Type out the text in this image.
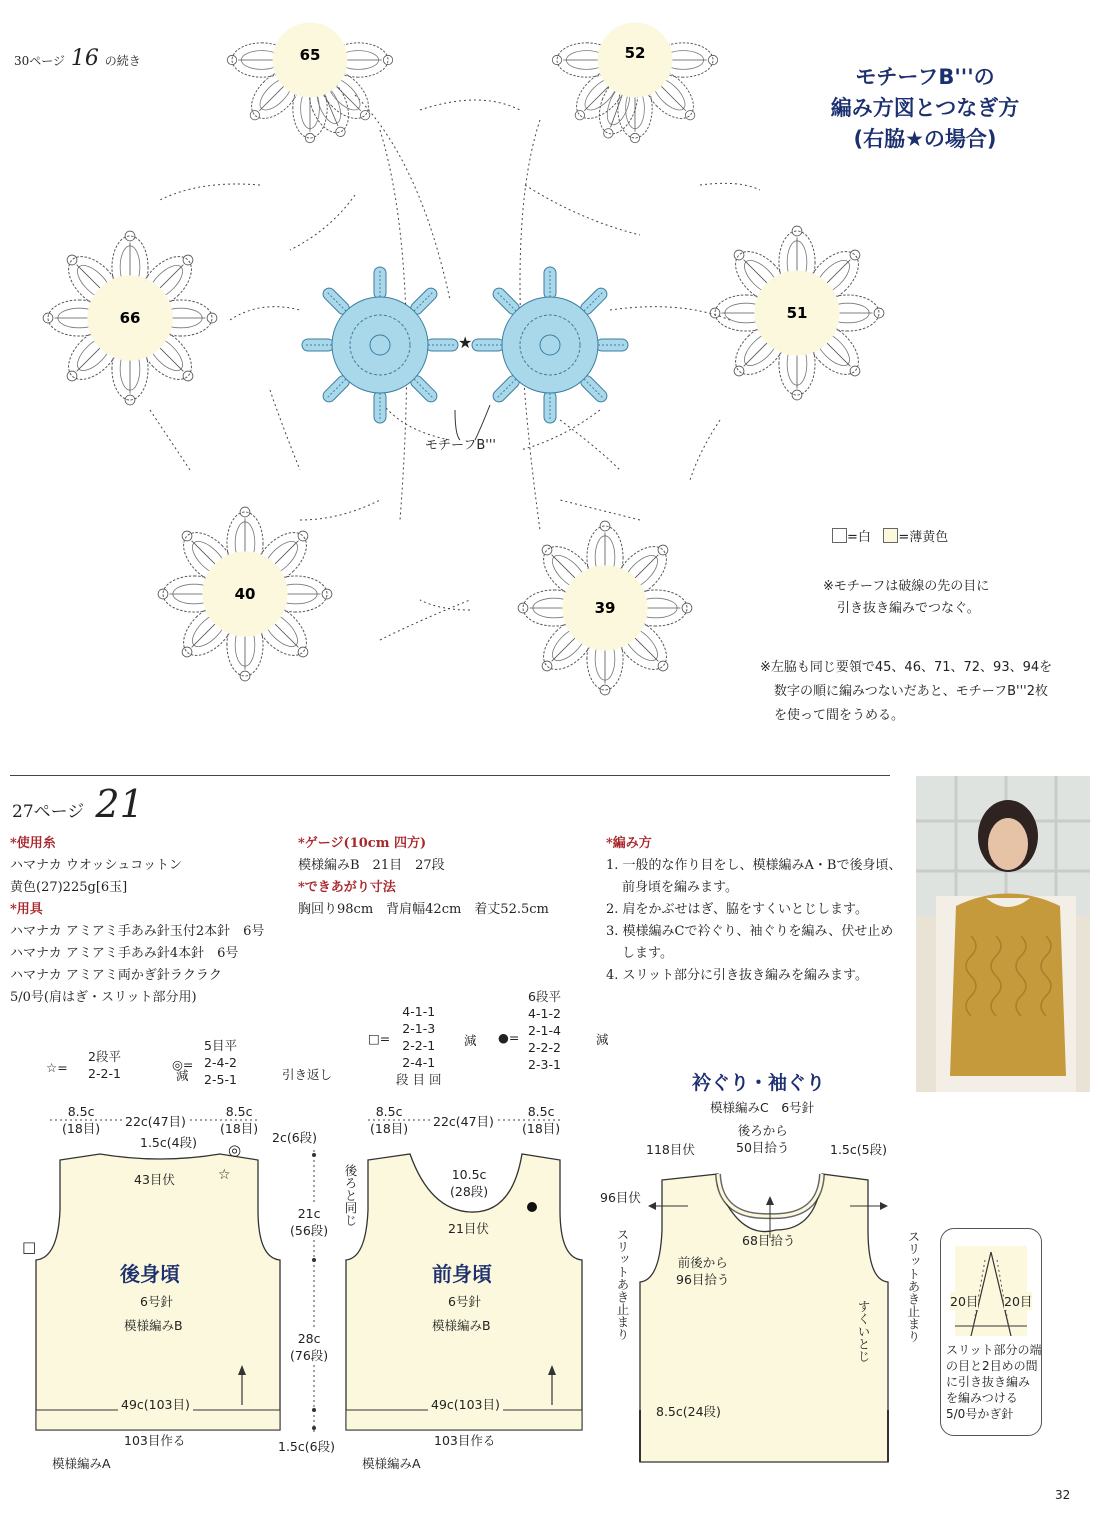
30ページ 16 の続き
モチーフB'''の
編み方図とつなぎ方
(右脇★の場合)
65	52
66	51
40
39
★
モチーフB'''
=白 =薄黄色
※モチーフは破線の先の目に
引き抜き編みでつなぐ。
※左脇も同じ要領で45、46、71、72、93、94を
数字の順に編みつないだあと、モチーフB'''2枚
を使って間をうめる。
27ページ 21
*使用糸
ハマナカ ウオッシュコットン
黄色(27)225g[6玉]
*用具
ハマナカ アミアミ手あみ針玉付2本針　6号
ハマナカ アミアミ手あみ針4本針　6号
ハマナカ アミアミ両かぎ針ラクラク
5/0号(肩はぎ・スリット部分用)
*ゲージ(10cm 四方)
模様編みB　21目　27段
*できあがり寸法
胸回り98cm　背肩幅42cm　着丈52.5cm
*編み方
1. 一般的な作り目をし、模様編みA・Bで後身頃、
前身頃を編みます。
2. 肩をかぶせはぎ、脇をすくいとじします。
3. 模様編みCで衿ぐり、袖ぐりを編み、伏せ止め
します。
4. スリット部分に引き抜き編みを編みます。
☆=
2段平
2-2-1	減
◎=
5目平
2-4-2
2-5-1	引き返し
□=
4-1-1
2-1-3
2-2-1
2-4-1
段 目 回
減 ●=
6段平
4-1-2
2-1-4
2-2-2
2-3-1
減
8.5c
(18目) 22c(47目)
8.5c
(18目)
1.5c(4段)
43目伏
◎
☆
□
後身頃
6号針
模様編みB
49c(103目)
103目作る
模様編みA
2c(6段)
21c
(56段)
28c
(76段)
1.5c(6段)
8.5c
(18目) 22c(47目)
8.5c
(18目)
後ろと同じ	10.5c
(28段)
21目伏
前身頃
6号針
模様編みB
49c(103目)
103目作る
模様編みA
衿ぐり・袖ぐり
模様編みC　6号針
118目伏
後ろから
50目拾う	1.5c(5段)
96目伏
68目拾う
前後から
96目拾う
スリットあき止まり	スリットあき止まり
すくいとじ
8.5c(24段)
20目 20目
スリット部分の端
の目と2目めの間
に引き抜き編み
を編みつける
5/0号かぎ針
32
